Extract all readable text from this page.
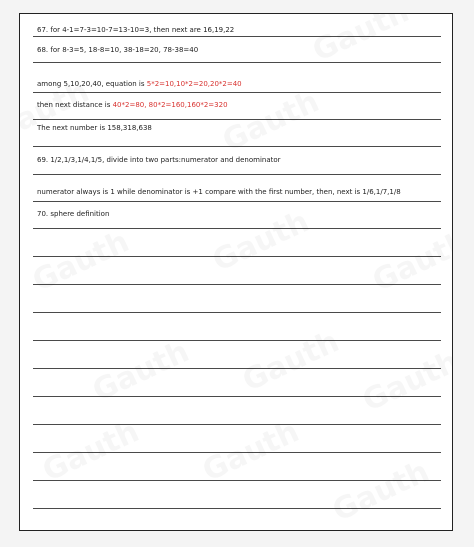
67. for 4-1=7-3=10-7=13-10=3, then next are 16,19,22
68. for 8-3=5, 18-8=10, 38-18=20, 78-38=40
among 5,10,20,40, equation is 5*2=10,10*2=20,20*2=40
then next distance is 40*2=80, 80*2=160,160*2=320
The next number is 158,318,638
69. 1/2,1/3,1/4,1/5, divide into two parts:numerator and denominator
numerator always is 1 while denominator is +1 compare with the first number, then, next is 1/6,1/7,1/8
70. sphere definition
